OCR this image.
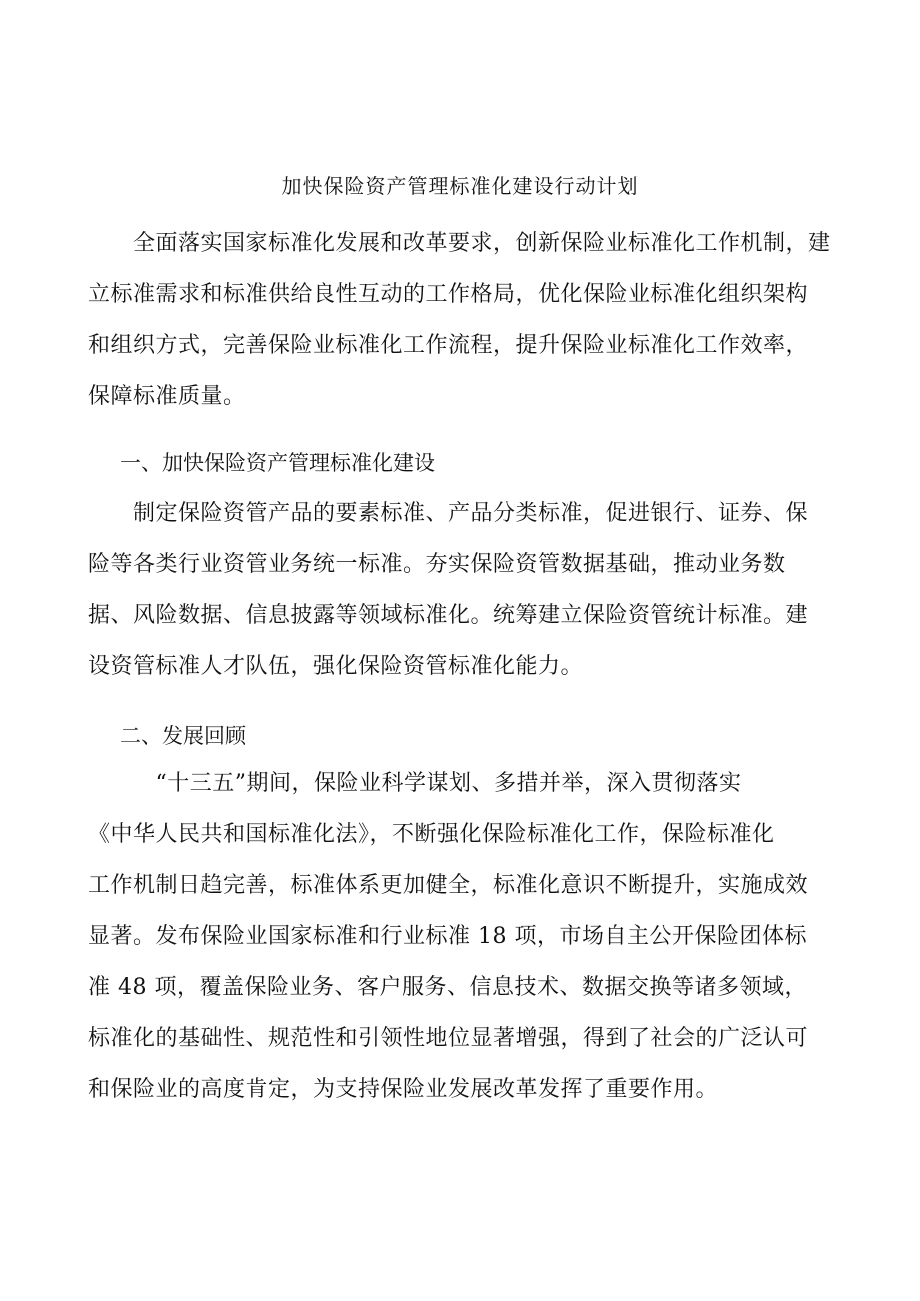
加快保险资产管理标准化建设行动计划
　　全面落实国家标准化发展和改革要求，创新保险业标准化工作机制，建
立标准需求和标准供给良性互动的工作格局，优化保险业标准化组织架构
和组织方式，完善保险业标准化工作流程，提升保险业标准化工作效率，
保障标准质量。
一、加快保险资产管理标准化建设
　　制定保险资管产品的要素标准、产品分类标准，促进银行、证券、保
险等各类行业资管业务统一标准。夯实保险资管数据基础，推动业务数
据、风险数据、信息披露等领域标准化。统筹建立保险资管统计标准。建
设资管标准人才队伍，强化保险资管标准化能力。
二、发展回顾
　　　“十三五”期间，保险业科学谋划、多措并举，深入贯彻落实
《中华人民共和国标准化法》，不断强化保险标准化工作，保险标准化
工作机制日趋完善，标准体系更加健全，标准化意识不断提升，实施成效
显著。发布保险业国家标准和行业标准 18 项，市场自主公开保险团体标
准 48 项，覆盖保险业务、客户服务、信息技术、数据交换等诸多领域，
标准化的基础性、规范性和引领性地位显著增强，得到了社会的广泛认可
和保险业的高度肯定，为支持保险业发展改革发挥了重要作用。
